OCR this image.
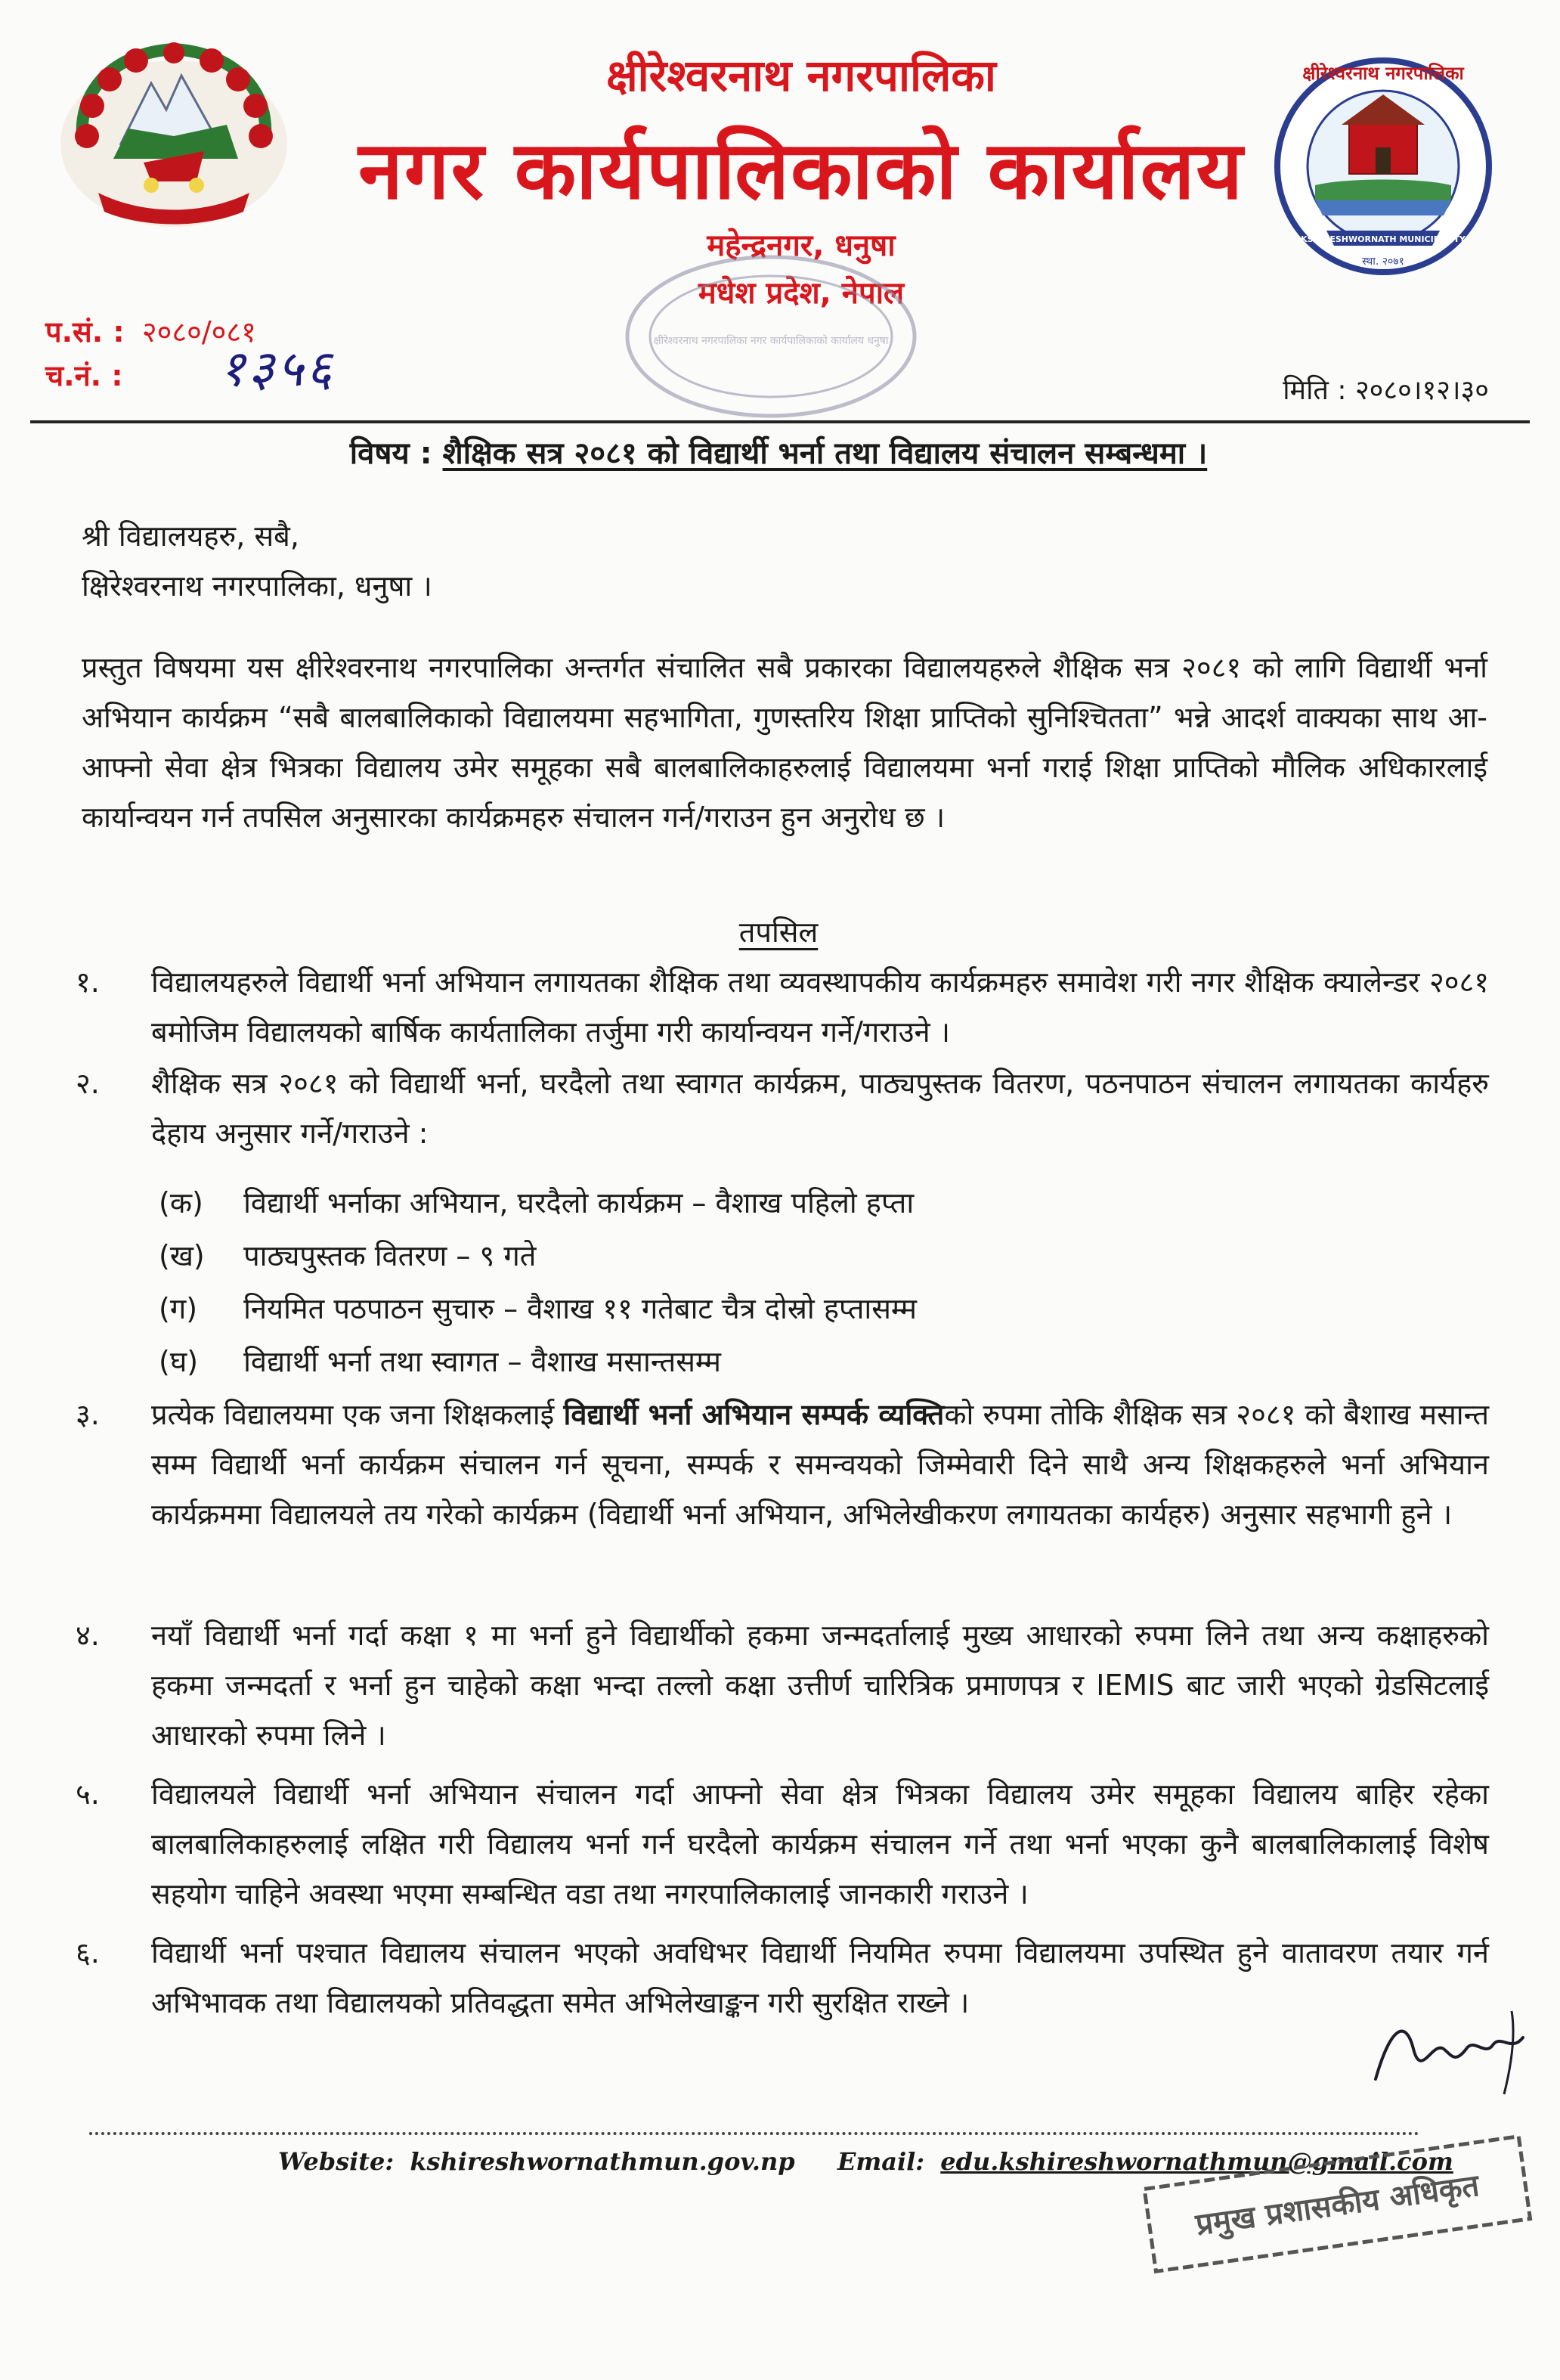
क्षीरेश्वरनाथ नगरपालिका
नगर कार्यपालिकाको कार्यालय
महेन्द्रनगर, धनुषा
मधेश प्रदेश, नेपाल
क्षीरेश्वरनाथ नगरपालिका
KSHIRESHWORNATH MUNICIPALITY
स्था. २०७१
क्षीरेश्वरनाथ नगरपालिका नगर कार्यपालिकाको कार्यालय धनुषा
प.सं. : २०८०/०८१
च.नं. : १३५६	मिति : २०८०।१२।३०
विषय : शैक्षिक सत्र २०८१ को विद्यार्थी भर्ना तथा विद्यालय संचालन सम्बन्धमा ।
श्री विद्यालयहरु, सबै,
क्षिरेश्वरनाथ नगरपालिका, धनुषा ।
प्रस्तुत विषयमा यस क्षीरेश्वरनाथ नगरपालिका अन्तर्गत संचालित सबै प्रकारका विद्यालयहरुले शैक्षिक सत्र २०८१ को लागि विद्यार्थी भर्ना अभियान कार्यक्रम “सबै बालबालिकाको विद्यालयमा सहभागिता, गुणस्तरिय शिक्षा प्राप्तिको सुनिश्चितता” भन्ने आदर्श वाक्यका साथ आ-आफ्नो सेवा क्षेत्र भित्रका विद्यालय उमेर समूहका सबै बालबालिकाहरुलाई विद्यालयमा भर्ना गराई शिक्षा प्राप्तिको मौलिक अधिकारलाई कार्यान्वयन गर्न तपसिल अनुसारका कार्यक्रमहरु संचालन गर्न/गराउन हुन अनुरोध छ ।
तपसिल
१.	विद्यालयहरुले विद्यार्थी भर्ना अभियान लगायतका शैक्षिक तथा व्यवस्थापकीय कार्यक्रमहरु समावेश गरी नगर शैक्षिक क्यालेन्डर २०८१ बमोजिम विद्यालयको बार्षिक कार्यतालिका तर्जुमा गरी कार्यान्वयन गर्ने/गराउने ।
२.	शैक्षिक सत्र २०८१ को विद्यार्थी भर्ना, घरदैलो तथा स्वागत कार्यक्रम, पाठ्यपुस्तक वितरण, पठनपाठन संचालन लगायतका कार्यहरु देहाय अनुसार गर्ने/गराउने :
(क) विद्यार्थी भर्नाका अभियान, घरदैलो कार्यक्रम – वैशाख पहिलो हप्ता
(ख) पाठ्यपुस्तक वितरण – ९ गते
(ग) नियमित पठपाठन सुचारु – वैशाख ११ गतेबाट चैत्र दोस्रो हप्तासम्म
(घ) विद्यार्थी भर्ना तथा स्वागत – वैशाख मसान्तसम्म
३.	प्रत्येक विद्यालयमा एक जना शिक्षकलाई विद्यार्थी भर्ना अभियान सम्पर्क व्यक्तिको रुपमा तोकि शैक्षिक सत्र २०८१ को बैशाख मसान्त सम्म विद्यार्थी भर्ना कार्यक्रम संचालन गर्न सूचना, सम्पर्क र समन्वयको जिम्मेवारी दिने साथै अन्य शिक्षकहरुले भर्ना अभियान कार्यक्रममा विद्यालयले तय गरेको कार्यक्रम (विद्यार्थी भर्ना अभियान, अभिलेखीकरण लगायतका कार्यहरु) अनुसार सहभागी हुने ।
४.	नयाँ विद्यार्थी भर्ना गर्दा कक्षा १ मा भर्ना हुने विद्यार्थीको हकमा जन्मदर्तालाई मुख्य आधारको रुपमा लिने तथा अन्य कक्षाहरुको हकमा जन्मदर्ता र भर्ना हुन चाहेको कक्षा भन्दा तल्लो कक्षा उत्तीर्ण चारित्रिक प्रमाणपत्र र IEMIS बाट जारी भएको ग्रेडसिटलाई आधारको रुपमा लिने ।
५.	विद्यालयले विद्यार्थी भर्ना अभियान संचालन गर्दा आफ्नो सेवा क्षेत्र भित्रका विद्यालय उमेर समूहका विद्यालय बाहिर रहेका बालबालिकाहरुलाई लक्षित गरी विद्यालय भर्ना गर्न घरदैलो कार्यक्रम संचालन गर्ने तथा भर्ना भएका कुनै बालबालिकालाई विशेष सहयोग चाहिने अवस्था भएमा सम्बन्धित वडा तथा नगरपालिकालाई जानकारी गराउने ।
६.	विद्यार्थी भर्ना पश्चात विद्यालय संचालन भएको अवधिभर विद्यार्थी नियमित रुपमा विद्यालयमा उपस्थित हुने वातावरण तयार गर्न अभिभावक तथा विद्यालयको प्रतिवद्धता समेत अभिलेखाङ्कन गरी सुरक्षित राख्ने ।
Website: kshireshwornathmun.gov.np Email: edu.kshireshwornathmun@gmail.com
प्रमुख प्रशासकीय अधिकृत
